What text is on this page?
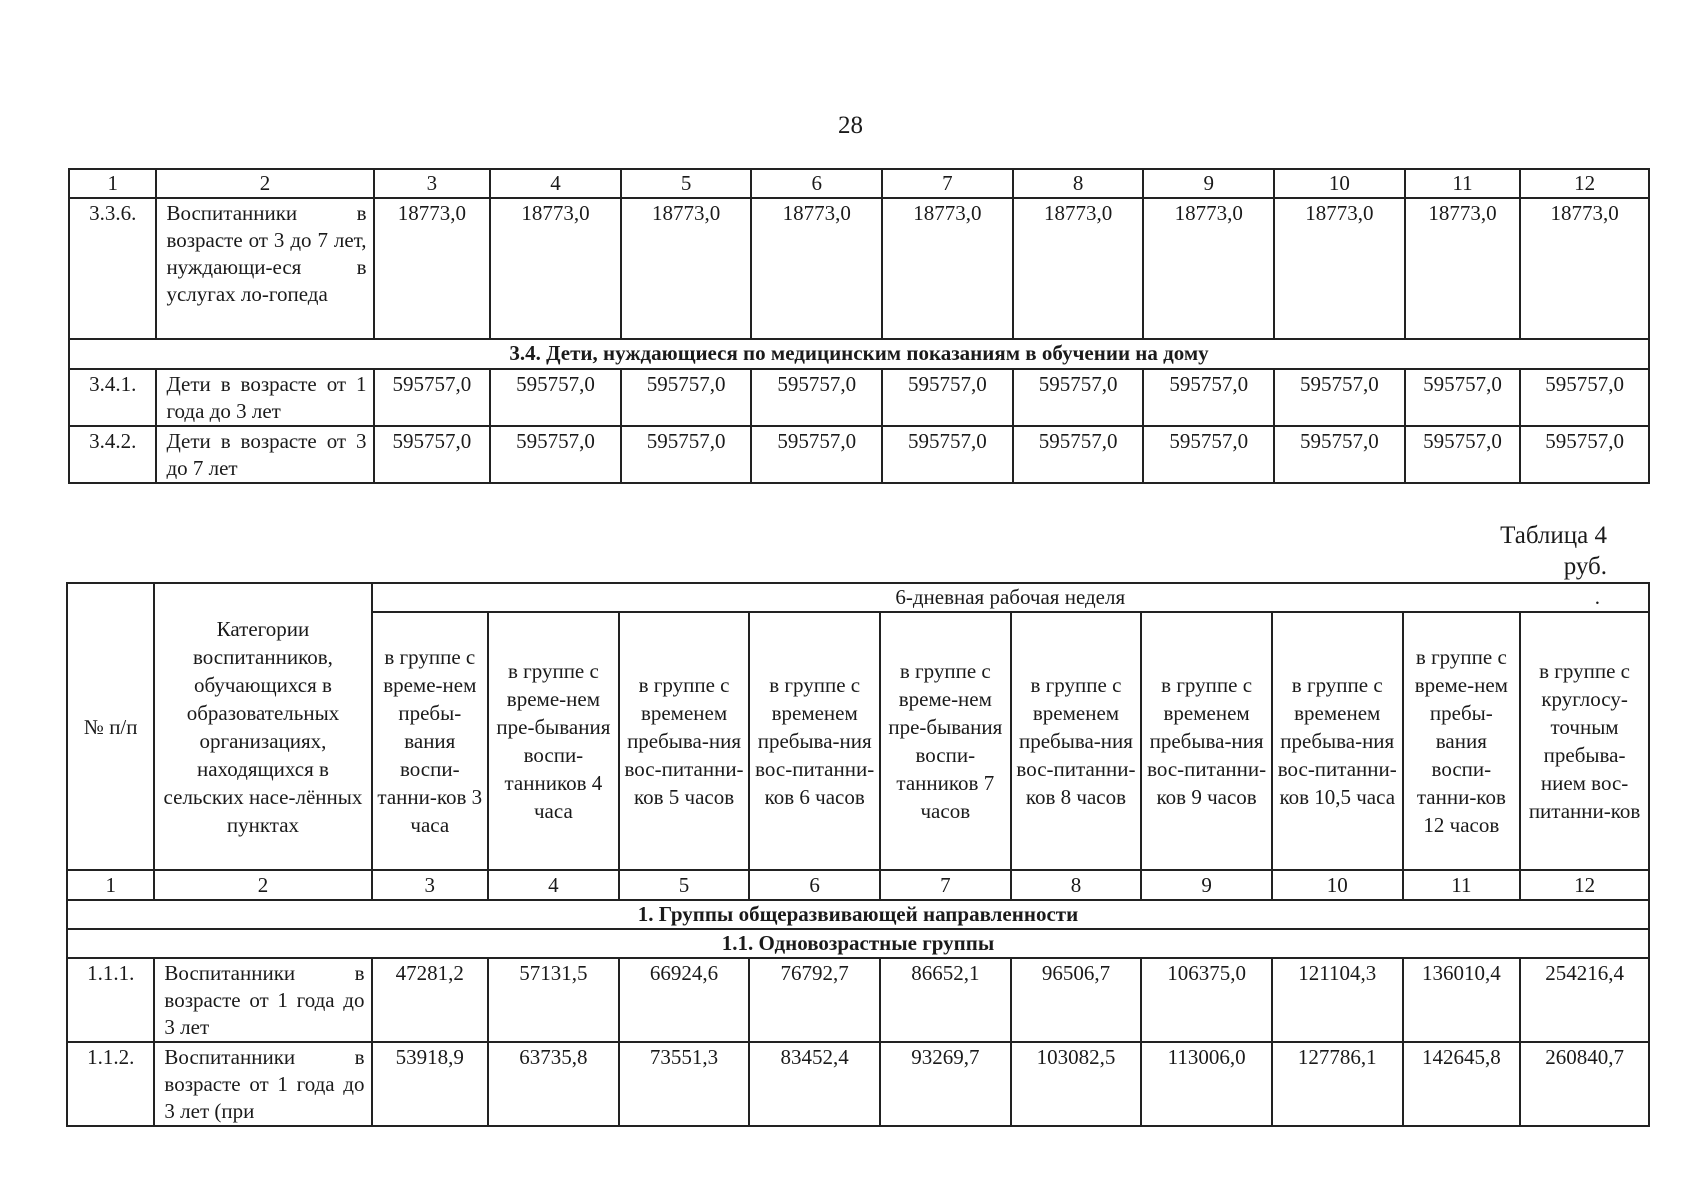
28
1	2	3	4	5	6	7	8	9	10	11	12
3.3.6.	Воспитанники в возрасте от 3 до 7 лет, нуждающи-еся в услугах ло-гопеда	18773,0	18773,0	18773,0	18773,0	18773,0	18773,0	18773,0	18773,0	18773,0	18773,0
3.4. Дети, нуждающиеся по медицинским показаниям в обучении на дому											
3.4.1.	Дети в возрасте от 1 года до 3 лет	595757,0	595757,0	595757,0	595757,0	595757,0	595757,0	595757,0	595757,0	595757,0	595757,0
3.4.2.	Дети в возрасте от 3 до 7 лет	595757,0	595757,0	595757,0	595757,0	595757,0	595757,0	595757,0	595757,0	595757,0	595757,0
Таблица 4
руб.
№ п/п	Категории воспитанников, обучающихся в образовательных организациях, находящихся в сельских насе-лённых пунктах	6-дневная рабочая неделя .									

		в группе с време-нем пребы-вания воспи-танни-ков 3 часа	в группе с време-нем пре-бывания воспи-танников 4 часа	в группе с временем пребыва-ния вос-питанни-ков 5 часов	в группе с временем пребыва-ния вос-питанни-ков 6 часов	в группе с време-нем пре-бывания воспи-танников 7 часов	в группе с временем пребыва-ния вос-питанни-ков 8 часов	в группе с временем пребыва-ния вос-питанни-ков 9 часов	в группе с временем пребыва-ния вос-питанни-ков 10,5 часа	в группе с време-нем пребы-вания воспи-танни-ков 12 часов	в группе с круглосу-точным пребыва-нием вос-питанни-ков
1	2	3	4	5	6	7	8	9	10	11	12
1. Группы общеразвивающей направленности											
1.1. Одновозрастные группы											
1.1.1.	Воспитанники в возрасте от 1 года до 3 лет	47281,2	57131,5	66924,6	76792,7	86652,1	96506,7	106375,0	121104,3	136010,4	254216,4
1.1.2.	Воспитанники в возрасте от 1 года до 3 лет (при	53918,9	63735,8	73551,3	83452,4	93269,7	103082,5	113006,0	127786,1	142645,8	260840,7
